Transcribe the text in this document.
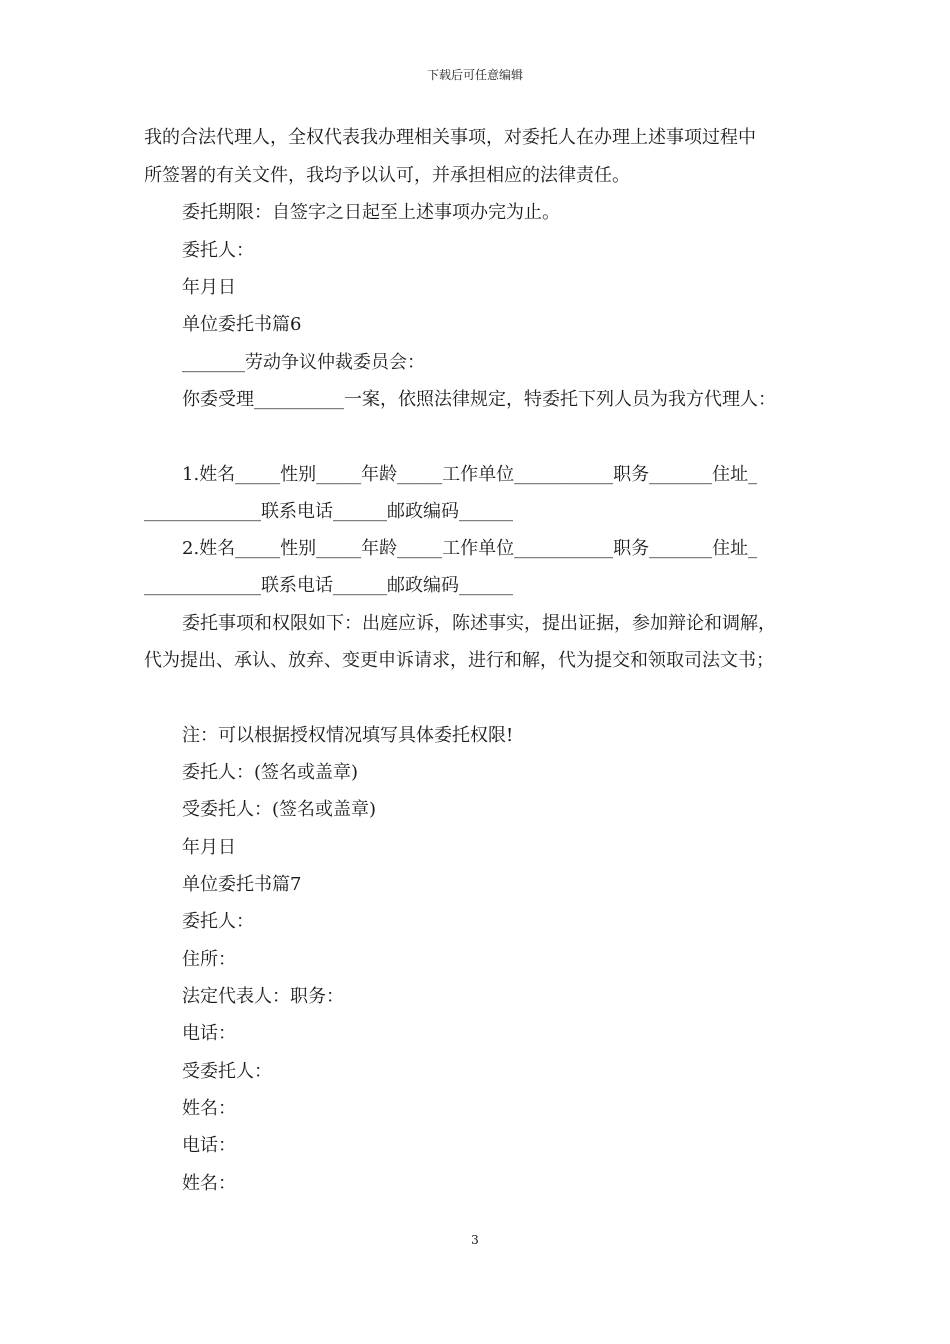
下载后可任意编辑
我的合法代理人，全权代表我办理相关事项，对委托人在办理上述事项过程中
所签署的有关文件，我均予以认可，并承担相应的法律责任。
委托期限：自签字之日起至上述事项办完为止。
委托人：
年月日
单位委托书篇6
_______劳动争议仲裁委员会：
你委受理__________一案，依照法律规定，特委托下列人员为我方代理人：
1.姓名_____性别_____年龄_____工作单位___________职务_______住址_
_____________联系电话______邮政编码______
2.姓名_____性别_____年龄_____工作单位___________职务_______住址_
_____________联系电话______邮政编码______
委托事项和权限如下：出庭应诉，陈述事实，提出证据，参加辩论和调解，
代为提出、承认、放弃、变更申诉请求，进行和解，代为提交和领取司法文书；
注：可以根据授权情况填写具体委托权限!
委托人：(签名或盖章)
受委托人：(签名或盖章)
年月日
单位委托书篇7
委托人：
住所：
法定代表人：职务：
电话：
受委托人：
姓名：
电话：
姓名：
3
